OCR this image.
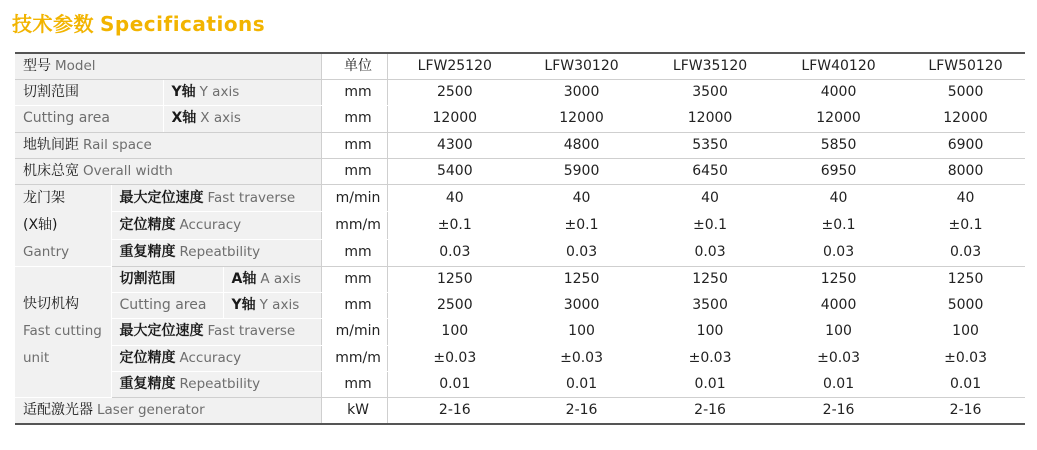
技术参数 Specifications
型号 Model				单位	LFW25120	LFW30120	LFW35120	LFW40120	LFW50120
切割范围		Y轴 Y axis		mm	2500	3000	3500	4000	5000
Cutting area		X轴 X axis		mm	12000	12000	12000	12000	12000
地轨间距 Rail space				mm	4300	4800	5350	5850	6900
机床总宽 Overall width				mm	5400	5900	6450	6950	8000

龙门架
(X轴)
Gantry	最大定位速度 Fast traverse			m/min	40	40	40	40	40
	定位精度 Accuracy			mm/m	±0.1	±0.1	±0.1	±0.1	±0.1
	重复精度 Repeatbility			mm	0.03	0.03	0.03	0.03	0.03

快切机构
Fast cutting
unit	切割范围		A轴 A axis	mm	1250	1250	1250	1250	1250
	Cutting area		Y轴 Y axis	mm	2500	3000	3500	4000	5000
	最大定位速度 Fast traverse			m/min	100	100	100	100	100
	定位精度 Accuracy			mm/m	±0.03	±0.03	±0.03	±0.03	±0.03
	重复精度 Repeatbility			mm	0.01	0.01	0.01	0.01	0.01
适配激光器 Laser generator				kW	2-16	2-16	2-16	2-16	2-16
